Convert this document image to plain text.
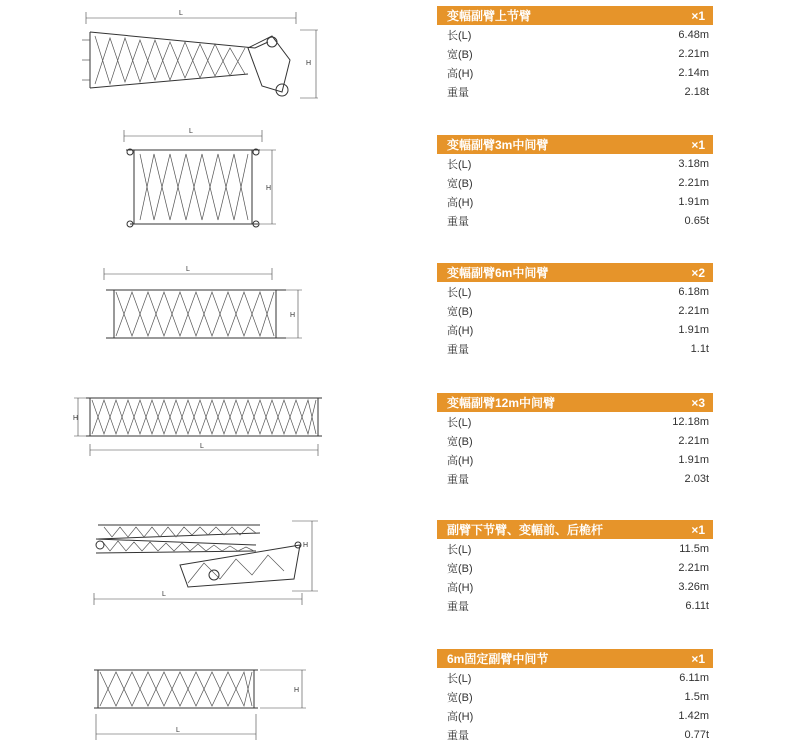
L
H
变幅副臂上节臂	×1
长(L)	6.48m
宽(B)	2.21m
高(H)	2.14m
重量	2.18t
L
H
变幅副臂3m中间臂	×1
长(L)	3.18m
宽(B)	2.21m
高(H)	1.91m
重量	0.65t
L
H
变幅副臂6m中间臂	×2
长(L)	6.18m
宽(B)	2.21m
高(H)	1.91m
重量	1.1t
H
L
变幅副臂12m中间臂	×3
长(L)	12.18m
宽(B)	2.21m
高(H)	1.91m
重量	2.03t
H
L
副臂下节臂、变幅前、后桅杆	×1
长(L)	11.5m
宽(B)	2.21m
高(H)	3.26m
重量	6.11t
H
L
6m固定副臂中间节	×1
长(L)	6.11m
宽(B)	1.5m
高(H)	1.42m
重量	0.77t
